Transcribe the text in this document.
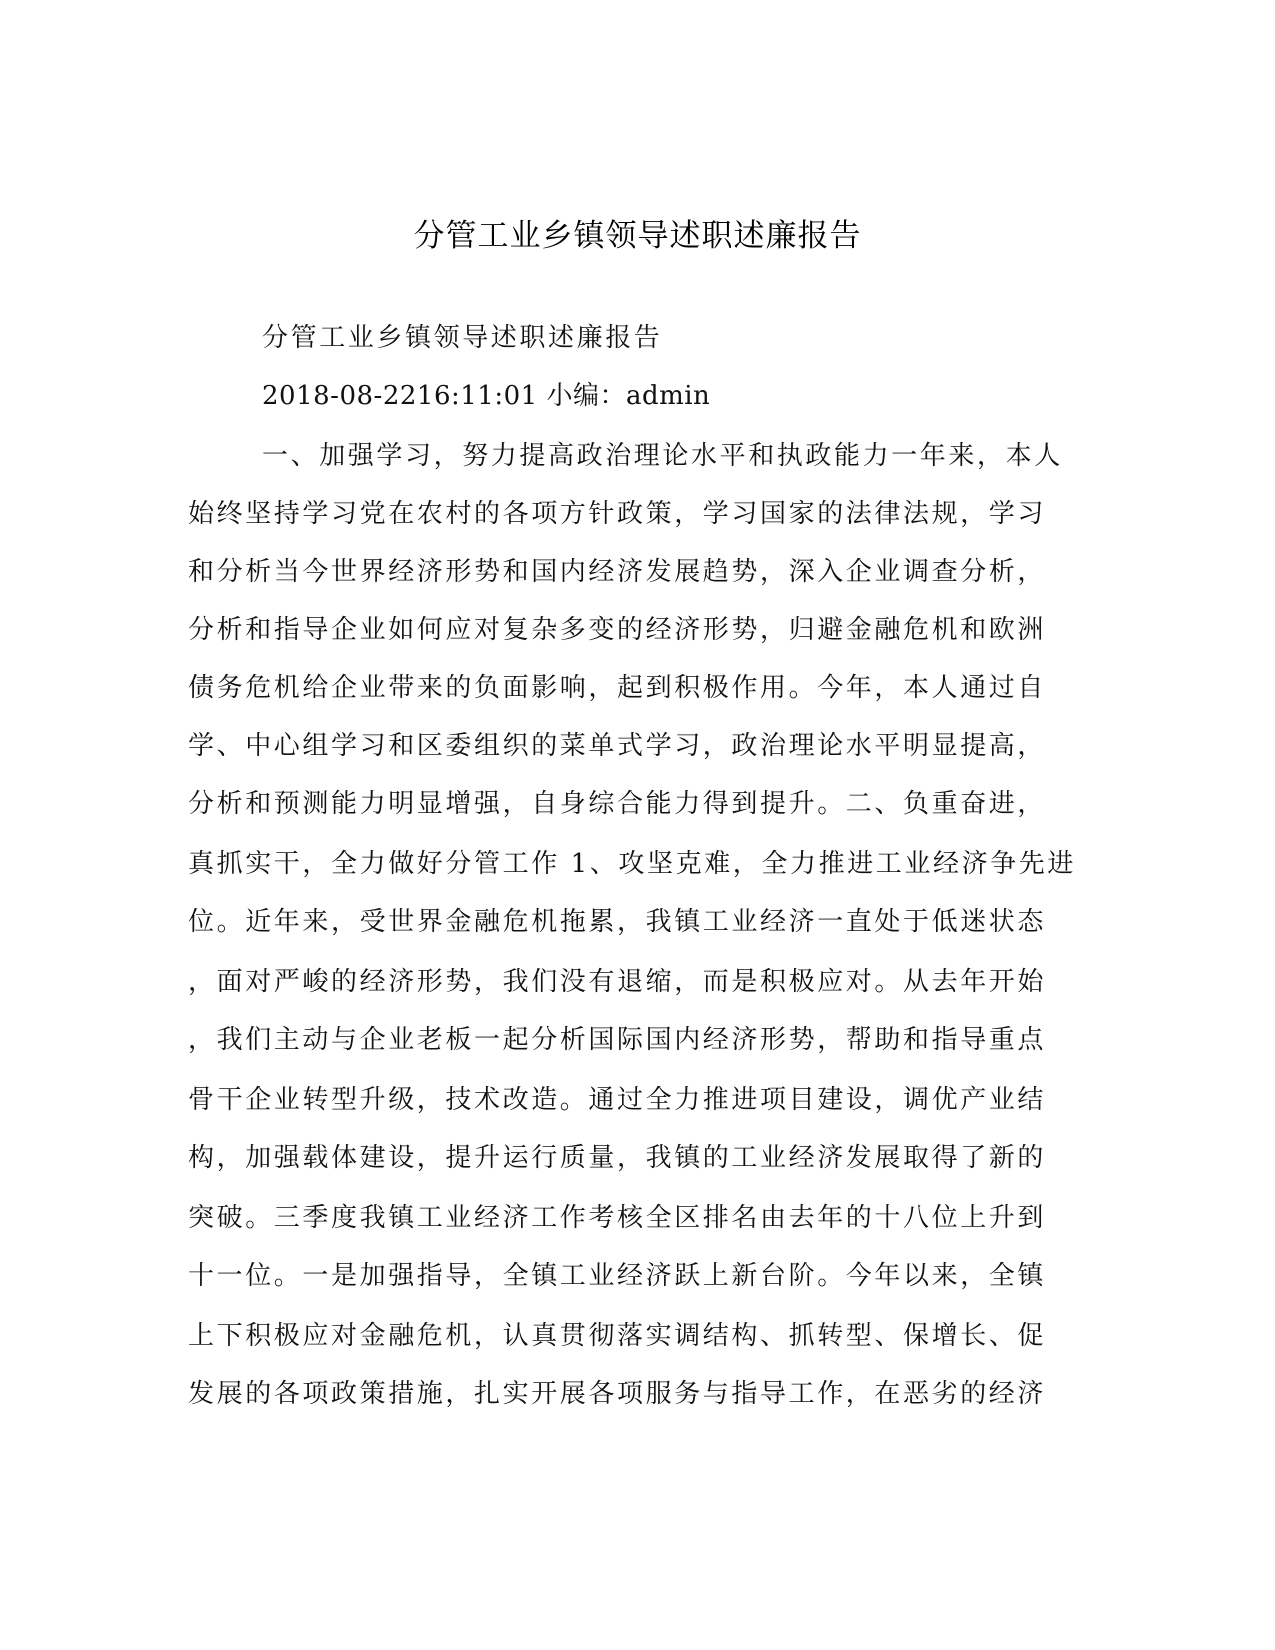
分管工业乡镇领导述职述廉报告
分管工业乡镇领导述职述廉报告
2018-08-2216:11:01 小编：admin
一、加强学习，努力提高政治理论水平和执政能力一年来，本人
始终坚持学习党在农村的各项方针政策，学习国家的法律法规，学习
和分析当今世界经济形势和国内经济发展趋势，深入企业调查分析，
分析和指导企业如何应对复杂多变的经济形势，归避金融危机和欧洲
债务危机给企业带来的负面影响，起到积极作用。今年，本人通过自
学、中心组学习和区委组织的菜单式学习，政治理论水平明显提高，
分析和预测能力明显增强，自身综合能力得到提升。二、负重奋进，
真抓实干，全力做好分管工作 1、攻坚克难，全力推进工业经济争先进
位。近年来，受世界金融危机拖累，我镇工业经济一直处于低迷状态
，面对严峻的经济形势，我们没有退缩，而是积极应对。从去年开始
，我们主动与企业老板一起分析国际国内经济形势，帮助和指导重点
骨干企业转型升级，技术改造。通过全力推进项目建设，调优产业结
构，加强载体建设，提升运行质量，我镇的工业经济发展取得了新的
突破。三季度我镇工业经济工作考核全区排名由去年的十八位上升到
十一位。一是加强指导，全镇工业经济跃上新台阶。今年以来，全镇
上下积极应对金融危机，认真贯彻落实调结构、抓转型、保增长、促
发展的各项政策措施，扎实开展各项服务与指导工作，在恶劣的经济
